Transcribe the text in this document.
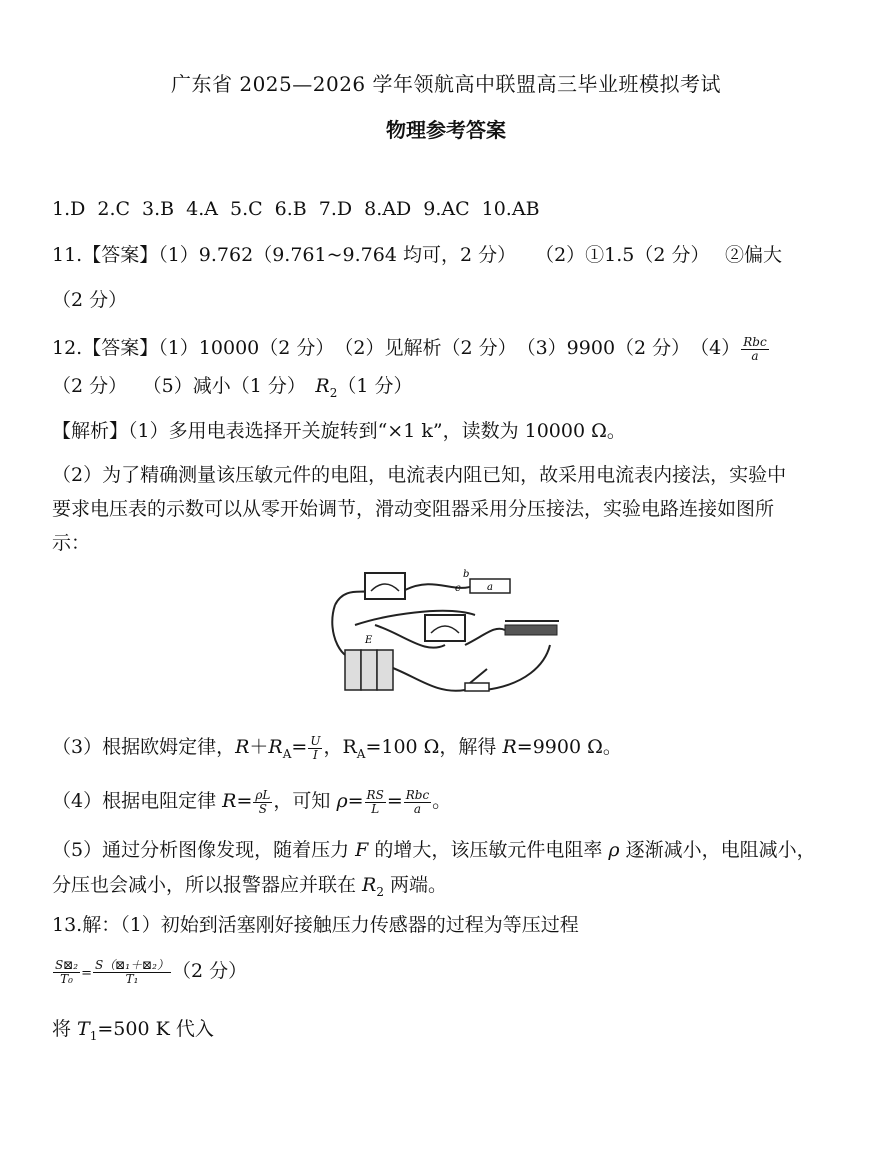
广东省 2025—2026 学年领航高中联盟高三毕业班模拟考试
物理参考答案
1.D 2.C 3.B 4.A 5.C 6.B 7.D 8.AD 9.AC 10.AB
11.【答案】（1）9.762（9.761~9.764 均可，2 分）　　（2）①1.5（2 分）　 ②偏大
（2 分）
12.【答案】（1）10000（2 分）　（2）见解析（2 分）　（3）9900（2 分）　$(4) \frac{\text{Rbc}}{a}$
（2 分）　 （5）减小（1 分）　$R_2(1$ 分）
【解析】（1）多用电表选择开关旋转到“×1 k”，读数为 10000 Ω。
（2）为了精确测量该压敏元件的电阻，电流表内阻已知，故采用电流表内接法，实验中
要求电压表的示数可以从零开始调节，滑动变阻器采用分压接法，实验电路连接如图所
示：
a
b
c
E
（3）根据欧姆定律，$R+R_A= \frac{U}{I}$ ，$R_A=100$ Ω，解得 R=9900 Ω。
（4）根据电阻定律 $R= \frac{\rho L}{S}$ ，可知 $\rho= \frac{RS}{L} = \frac{\text{Rbc}}{a}$ 。
（5）通过分析图像发现，随着压力 F 的增大，该压敏元件电阻率 ρ 逐渐减小，电阻减小，
分压也会减小，所以报警器应并联在 $R_2$ 两端。
13.解：（1）初始到活塞刚好接触压力传感器的过程为等压过程
$\frac{\text{S⊠₂}}{\text{T₀}} = \frac{\text{S（⊠₁＋⊠₂）}}{\text{T₁}} (2$ 分）
将 $T_1=500$ K 代入
